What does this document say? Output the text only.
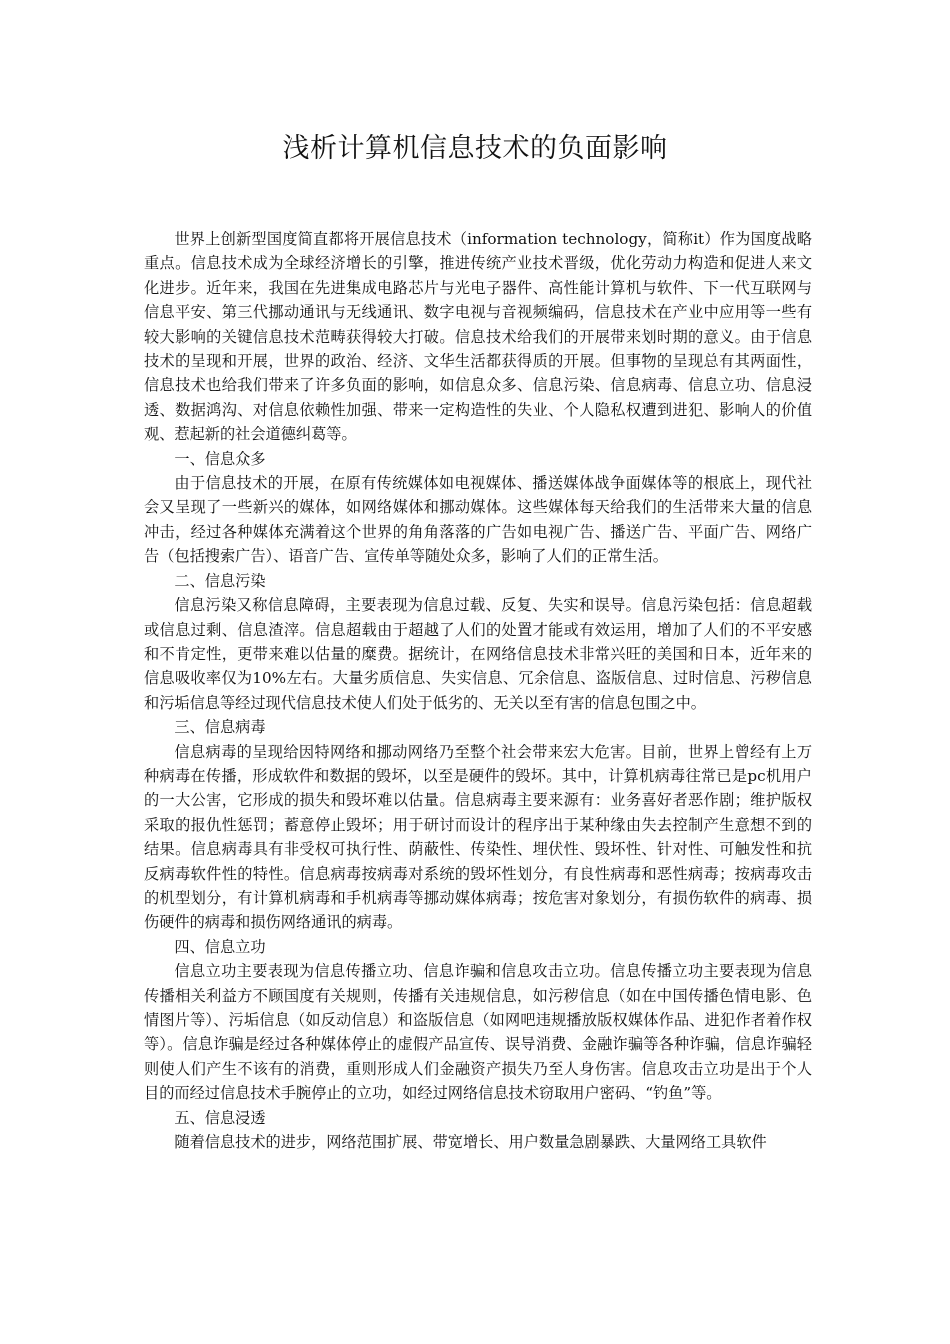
浅析计算机信息技术的负面影响

世界上创新型国度简直都将开展信息技术（information technology，简称it）作为国度战略重点。信息技术成为全球经济增长的引擎，推进传统产业技术晋级，优化劳动力构造和促进人来文化进步。近年来，我国在先进集成电路芯片与光电子器件、高性能计算机与软件、下一代互联网与信息平安、第三代挪动通讯与无线通讯、数字电视与音视频编码，信息技术在产业中应用等一些有较大影响的关键信息技术范畴获得较大打破。信息技术给我们的开展带来划时期的意义。由于信息技术的呈现和开展，世界的政治、经济、文华生活都获得质的开展。但事物的呈现总有其两面性，信息技术也给我们带来了许多负面的影响，如信息众多、信息污染、信息病毒、信息立功、信息浸透、数据鸿沟、对信息依赖性加强、带来一定构造性的失业、个人隐私权遭到进犯、影响人的价值观、惹起新的社会道德纠葛等。

一、信息众多

由于信息技术的开展，在原有传统媒体如电视媒体、播送媒体战争面媒体等的根底上，现代社会又呈现了一些新兴的媒体，如网络媒体和挪动媒体。这些媒体每天给我们的生活带来大量的信息冲击，经过各种媒体充满着这个世界的角角落落的广告如电视广告、播送广告、平面广告、网络广告（包括搜索广告）、语音广告、宣传单等随处众多，影响了人们的正常生活。

二、信息污染

信息污染又称信息障碍，主要表现为信息过载、反复、失实和误导。信息污染包括：信息超载或信息过剩、信息渣滓。信息超载由于超越了人们的处置才能或有效运用，增加了人们的不平安感和不肯定性，更带来难以估量的糜费。据统计，在网络信息技术非常兴旺的美国和日本，近年来的信息吸收率仅为10%左右。大量劣质信息、失实信息、冗余信息、盗版信息、过时信息、污秽信息和污垢信息等经过现代信息技术使人们处于低劣的、无关以至有害的信息包围之中。

三、信息病毒

信息病毒的呈现给因特网络和挪动网络乃至整个社会带来宏大危害。目前，世界上曾经有上万种病毒在传播，形成软件和数据的毁坏，以至是硬件的毁坏。其中，计算机病毒往常已是pc机用户的一大公害，它形成的损失和毁坏难以估量。信息病毒主要来源有：业务喜好者恶作剧；维护版权采取的报仇性惩罚；蓄意停止毁坏；用于研讨而设计的程序出于某种缘由失去控制产生意想不到的结果。信息病毒具有非受权可执行性、荫蔽性、传染性、埋伏性、毁坏性、针对性、可触发性和抗反病毒软件性的特性。信息病毒按病毒对系统的毁坏性划分，有良性病毒和恶性病毒；按病毒攻击的机型划分，有计算机病毒和手机病毒等挪动媒体病毒；按危害对象划分，有损伤软件的病毒、损伤硬件的病毒和损伤网络通讯的病毒。

四、信息立功

信息立功主要表现为信息传播立功、信息诈骗和信息攻击立功。信息传播立功主要表现为信息传播相关利益方不顾国度有关规则，传播有关违规信息，如污秽信息（如在中国传播色情电影、色情图片等）、污垢信息（如反动信息）和盗版信息（如网吧违规播放版权媒体作品、进犯作者着作权等）。信息诈骗是经过各种媒体停止的虚假产品宣传、误导消费、金融诈骗等各种诈骗，信息诈骗轻则使人们产生不该有的消费，重则形成人们金融资产损失乃至人身伤害。信息攻击立功是出于个人目的而经过信息技术手腕停止的立功，如经过网络信息技术窃取用户密码、“钓鱼”等。

五、信息浸透

随着信息技术的进步，网络范围扩展、带宽增长、用户数量急剧暴跌、大量网络工具软件
